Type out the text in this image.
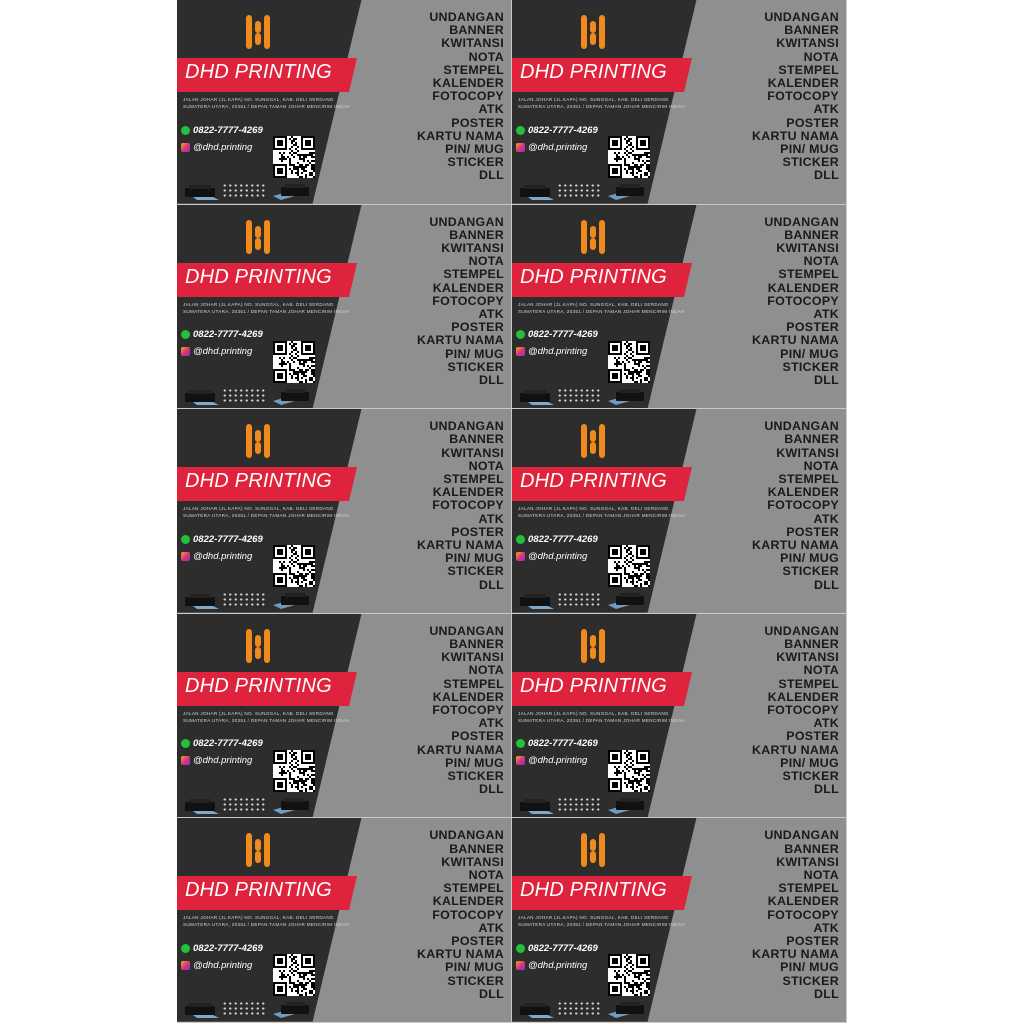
DHD PRINTING
JALAN JOHAR (JL.KAPA) NO. SUNGGAL, KAB. DELI SERDANG
SUMATERA UTARA, 20351 / DEPAN TAMAN JOHAR MENCIRIM INDAH
0822-7777-4269
@dhd.printing
UNDANGAN
BANNER
KWITANSI
NOTA
STEMPEL
KALENDER
FOTOCOPY
ATK
POSTER
KARTU NAMA
PIN/ MUG
STICKER
DLL
DHD PRINTING
JALAN JOHAR (JL.KAPA) NO. SUNGGAL, KAB. DELI SERDANG
SUMATERA UTARA, 20351 / DEPAN TAMAN JOHAR MENCIRIM INDAH
0822-7777-4269
@dhd.printing
UNDANGAN
BANNER
KWITANSI
NOTA
STEMPEL
KALENDER
FOTOCOPY
ATK
POSTER
KARTU NAMA
PIN/ MUG
STICKER
DLL
DHD PRINTING
JALAN JOHAR (JL.KAPA) NO. SUNGGAL, KAB. DELI SERDANG
SUMATERA UTARA, 20351 / DEPAN TAMAN JOHAR MENCIRIM INDAH
0822-7777-4269
@dhd.printing
UNDANGAN
BANNER
KWITANSI
NOTA
STEMPEL
KALENDER
FOTOCOPY
ATK
POSTER
KARTU NAMA
PIN/ MUG
STICKER
DLL
DHD PRINTING
JALAN JOHAR (JL.KAPA) NO. SUNGGAL, KAB. DELI SERDANG
SUMATERA UTARA, 20351 / DEPAN TAMAN JOHAR MENCIRIM INDAH
0822-7777-4269
@dhd.printing
UNDANGAN
BANNER
KWITANSI
NOTA
STEMPEL
KALENDER
FOTOCOPY
ATK
POSTER
KARTU NAMA
PIN/ MUG
STICKER
DLL
DHD PRINTING
JALAN JOHAR (JL.KAPA) NO. SUNGGAL, KAB. DELI SERDANG
SUMATERA UTARA, 20351 / DEPAN TAMAN JOHAR MENCIRIM INDAH
0822-7777-4269
@dhd.printing
UNDANGAN
BANNER
KWITANSI
NOTA
STEMPEL
KALENDER
FOTOCOPY
ATK
POSTER
KARTU NAMA
PIN/ MUG
STICKER
DLL
DHD PRINTING
JALAN JOHAR (JL.KAPA) NO. SUNGGAL, KAB. DELI SERDANG
SUMATERA UTARA, 20351 / DEPAN TAMAN JOHAR MENCIRIM INDAH
0822-7777-4269
@dhd.printing
UNDANGAN
BANNER
KWITANSI
NOTA
STEMPEL
KALENDER
FOTOCOPY
ATK
POSTER
KARTU NAMA
PIN/ MUG
STICKER
DLL
DHD PRINTING
JALAN JOHAR (JL.KAPA) NO. SUNGGAL, KAB. DELI SERDANG
SUMATERA UTARA, 20351 / DEPAN TAMAN JOHAR MENCIRIM INDAH
0822-7777-4269
@dhd.printing
UNDANGAN
BANNER
KWITANSI
NOTA
STEMPEL
KALENDER
FOTOCOPY
ATK
POSTER
KARTU NAMA
PIN/ MUG
STICKER
DLL
DHD PRINTING
JALAN JOHAR (JL.KAPA) NO. SUNGGAL, KAB. DELI SERDANG
SUMATERA UTARA, 20351 / DEPAN TAMAN JOHAR MENCIRIM INDAH
0822-7777-4269
@dhd.printing
UNDANGAN
BANNER
KWITANSI
NOTA
STEMPEL
KALENDER
FOTOCOPY
ATK
POSTER
KARTU NAMA
PIN/ MUG
STICKER
DLL
DHD PRINTING
JALAN JOHAR (JL.KAPA) NO. SUNGGAL, KAB. DELI SERDANG
SUMATERA UTARA, 20351 / DEPAN TAMAN JOHAR MENCIRIM INDAH
0822-7777-4269
@dhd.printing
UNDANGAN
BANNER
KWITANSI
NOTA
STEMPEL
KALENDER
FOTOCOPY
ATK
POSTER
KARTU NAMA
PIN/ MUG
STICKER
DLL
DHD PRINTING
JALAN JOHAR (JL.KAPA) NO. SUNGGAL, KAB. DELI SERDANG
SUMATERA UTARA, 20351 / DEPAN TAMAN JOHAR MENCIRIM INDAH
0822-7777-4269
@dhd.printing
UNDANGAN
BANNER
KWITANSI
NOTA
STEMPEL
KALENDER
FOTOCOPY
ATK
POSTER
KARTU NAMA
PIN/ MUG
STICKER
DLL
